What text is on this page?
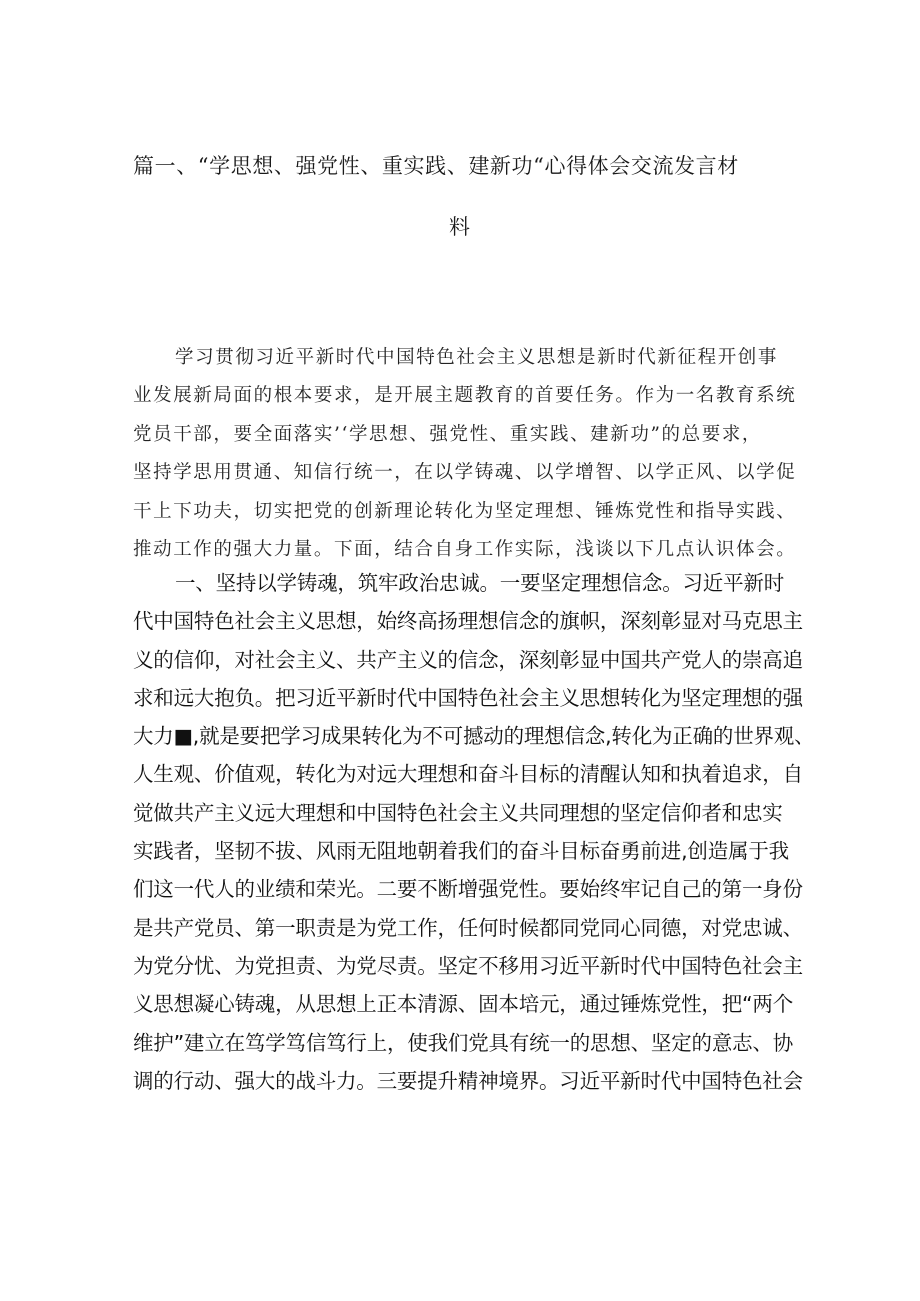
篇一、“学思想、强党性、重实践、建新功“心得体会交流发言材
料
学习贯彻习近平新时代中国特色社会主义思想是新时代新征程开创事
业发展新局面的根本要求，是开展主题教育的首要任务。作为一名教育系统
党员干部，要全面落实’‘学思想、强党性、重实践、建新功”的总要求，
坚持学思用贯通、知信行统一，在以学铸魂、以学增智、以学正风、以学促
干上下功夫，切实把党的创新理论转化为坚定理想、锤炼党性和指导实践、
推动工作的强大力量。下面，结合自身工作实际，浅谈以下几点认识体会。
一、坚持以学铸魂，筑牢政治忠诚。一要坚定理想信念。习近平新时
代中国特色社会主义思想，始终高扬理想信念的旗帜，深刻彰显对马克思主
义的信仰，对社会主义、共产主义的信念，深刻彰显中国共产党人的崇高追
求和远大抱负。把习近平新时代中国特色社会主义思想转化为坚定理想的强
大力■,就是要把学习成果转化为不可撼动的理想信念,转化为正确的世界观、
人生观、价值观，转化为对远大理想和奋斗目标的清醒认知和执着追求，自
觉做共产主义远大理想和中国特色社会主义共同理想的坚定信仰者和忠实
实践者，坚韧不拔、风雨无阻地朝着我们的奋斗目标奋勇前进,创造属于我
们这一代人的业绩和荣光。二要不断增强党性。要始终牢记自己的第一身份
是共产党员、第一职责是为党工作，任何时候都同党同心同德，对党忠诚、
为党分忧、为党担责、为党尽责。坚定不移用习近平新时代中国特色社会主
义思想凝心铸魂，从思想上正本清源、固本培元，通过锤炼党性，把“两个
维护”建立在笃学笃信笃行上，使我们党具有统一的思想、坚定的意志、协
调的行动、强大的战斗力。三要提升精神境界。习近平新时代中国特色社会
